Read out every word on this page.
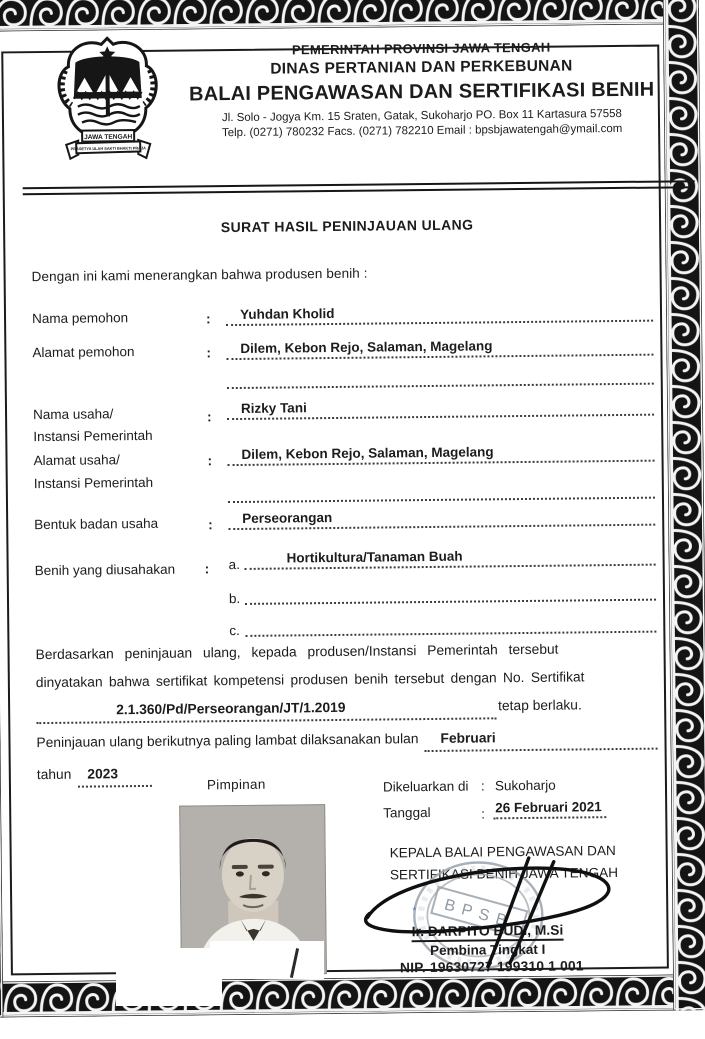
JAWA TENGAH
PRASETYA ULAH SAKTI BHAKTI PRAJA
PEMERINTAH PROVINSI JAWA TENGAH
DINAS PERTANIAN DAN PERKEBUNAN
BALAI PENGAWASAN DAN SERTIFIKASI BENIH
Jl. Solo - Jogya Km. 15 Sraten, Gatak, Sukoharjo PO. Box 11 Kartasura 57558
Telp. (0271) 780232 Facs. (0271) 782210 Email : bpsbjawatengah@ymail.com
SURAT HASIL PENINJAUAN ULANG
Dengan ini kami menerangkan bahwa produsen benih :
Nama pemohon	:	Yuhdan Kholid
Alamat pemohon	:	Dilem, Kebon Rejo, Salaman, Magelang
Nama usaha/
Instansi Pemerintah
:
Rizky Tani
Alamat usaha/
Instansi Pemerintah
:	Dilem, Kebon Rejo, Salaman, Magelang
Bentuk badan usaha	:	Perseorangan
Benih yang diusahakan : a.	Hortikultura/Tanaman Buah
b.
c.
Berdasarkan peninjauan ulang, kepada produsen/Instansi Pemerintah tersebut
dinyatakan bahwa sertifikat kompetensi produsen benih tersebut dengan No. Sertifikat
2.1.360/Pd/Perseorangan/JT/1.2019	tetap berlaku.
Peninjauan ulang berikutnya paling lambat dilaksanakan bulan	Februari
tahun	2023
Pimpinan	Dikeluarkan di : Sukoharjo
Tanggal	: 26 Februari 2021
KEPALA BALAI PENGAWASAN DAN
SERTIFIKASI BENIH JAWA TENGAH
* BPSB
Ir. DARPITO BUDI, M.Si
Pembina Tingkat I
NIP. 19630727 199310 1 001
